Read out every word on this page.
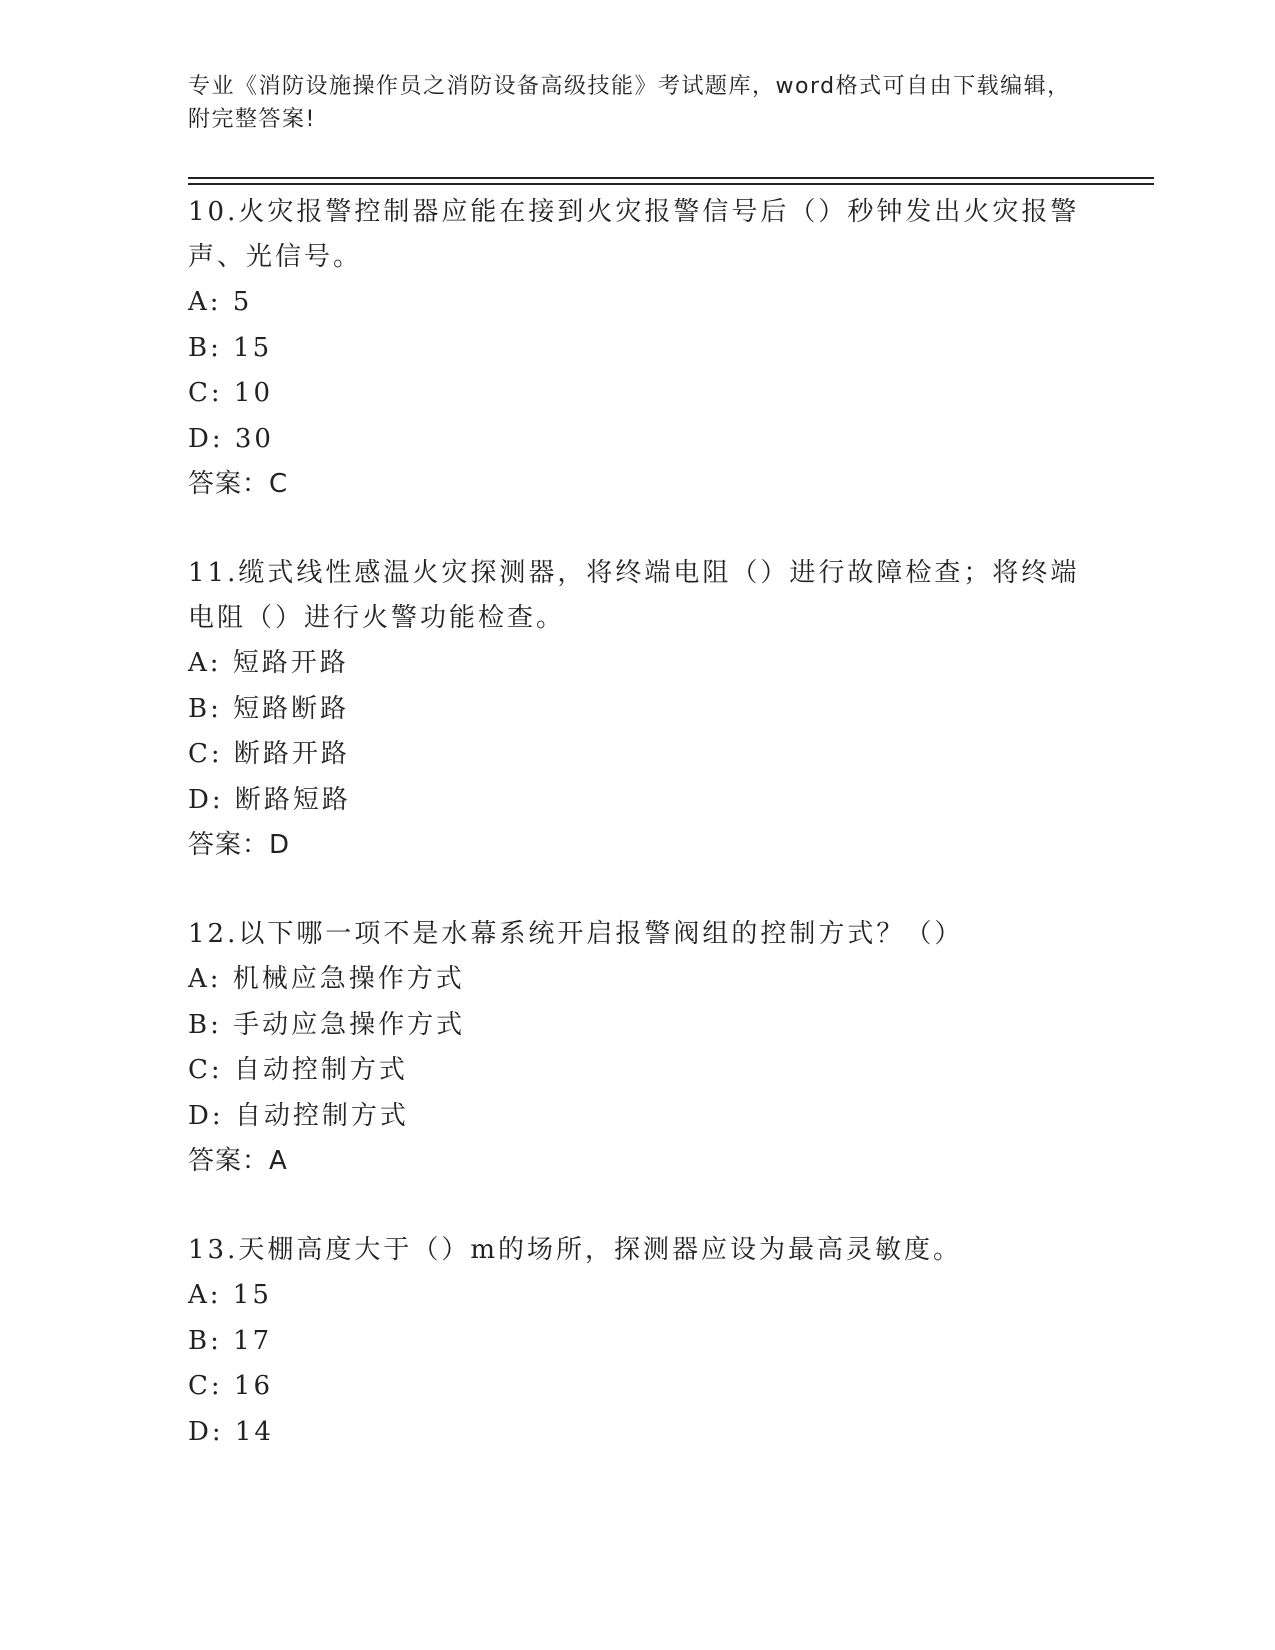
专业《消防设施操作员之消防设备高级技能》考试题库，word格式可自由下载编辑，附完整答案!
10.火灾报警控制器应能在接到火灾报警信号后（）秒钟发出火灾报警声、光信号。
A: 5
B: 15
C: 10
D: 30
答案：C
11.缆式线性感温火灾探测器，将终端电阻（）进行故障检查；将终端电阻（）进行火警功能检查。
A: 短路开路
B: 短路断路
C: 断路开路
D: 断路短路
答案：D
12.以下哪一项不是水幕系统开启报警阀组的控制方式？（）
A: 机械应急操作方式
B: 手动应急操作方式
C: 自动控制方式
D: 自动控制方式
答案：A
13.天棚高度大于（）m的场所，探测器应设为最高灵敏度。
A: 15
B: 17
C: 16
D: 14
